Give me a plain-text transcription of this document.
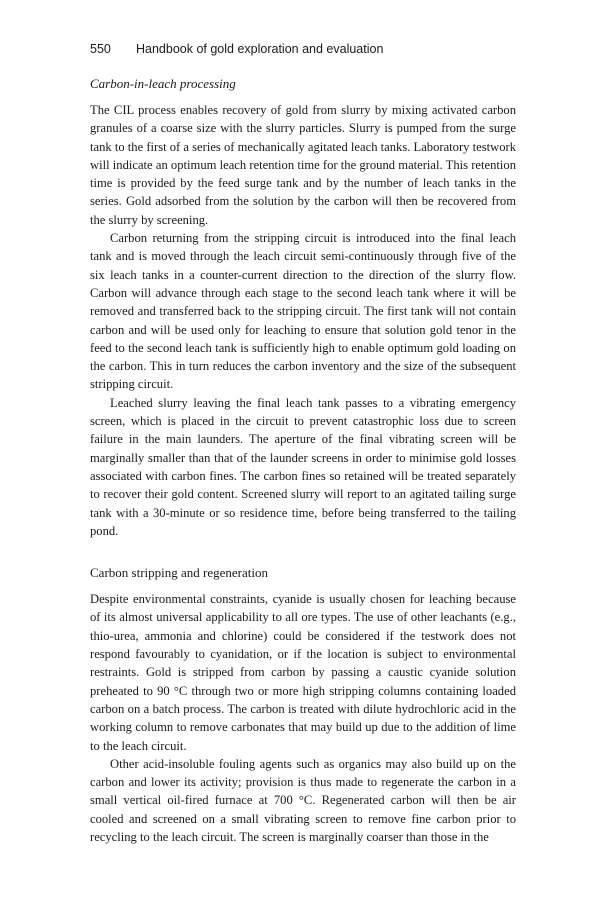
550 Handbook of gold exploration and evaluation

Carbon-in-leach processing

The CIL process enables recovery of gold from slurry by mixing activated carbon granules of a coarse size with the slurry particles. Slurry is pumped from the surge tank to the first of a series of mechanically agitated leach tanks. Laboratory testwork will indicate an optimum leach retention time for the ground material. This retention time is provided by the feed surge tank and by the number of leach tanks in the series. Gold adsorbed from the solution by the carbon will then be recovered from the slurry by screening.

Carbon returning from the stripping circuit is introduced into the final leach tank and is moved through the leach circuit semi-continuously through five of the six leach tanks in a counter-current direction to the direction of the slurry flow. Carbon will advance through each stage to the second leach tank where it will be removed and transferred back to the stripping circuit. The first tank will not contain carbon and will be used only for leaching to ensure that solution gold tenor in the feed to the second leach tank is sufficiently high to enable optimum gold loading on the carbon. This in turn reduces the carbon inventory and the size of the subsequent stripping circuit.

Leached slurry leaving the final leach tank passes to a vibrating emergency screen, which is placed in the circuit to prevent catastrophic loss due to screen failure in the main launders. The aperture of the final vibrating screen will be marginally smaller than that of the launder screens in order to minimise gold losses associated with carbon fines. The carbon fines so retained will be treated separately to recover their gold content. Screened slurry will report to an agitated tailing surge tank with a 30-minute or so residence time, before being transferred to the tailing pond.

Carbon stripping and regeneration

Despite environmental constraints, cyanide is usually chosen for leaching because of its almost universal applicability to all ore types. The use of other leachants (e.g., thio-urea, ammonia and chlorine) could be considered if the testwork does not respond favourably to cyanidation, or if the location is subject to environmental restraints. Gold is stripped from carbon by passing a caustic cyanide solution preheated to 90 °C through two or more high stripping columns containing loaded carbon on a batch process. The carbon is treated with dilute hydrochloric acid in the working column to remove carbonates that may build up due to the addition of lime to the leach circuit.

Other acid-insoluble fouling agents such as organics may also build up on the carbon and lower its activity; provision is thus made to regenerate the carbon in a small vertical oil-fired furnace at 700 °C. Regenerated carbon will then be air cooled and screened on a small vibrating screen to remove fine carbon prior to recycling to the leach circuit. The screen is marginally coarser than those in the
